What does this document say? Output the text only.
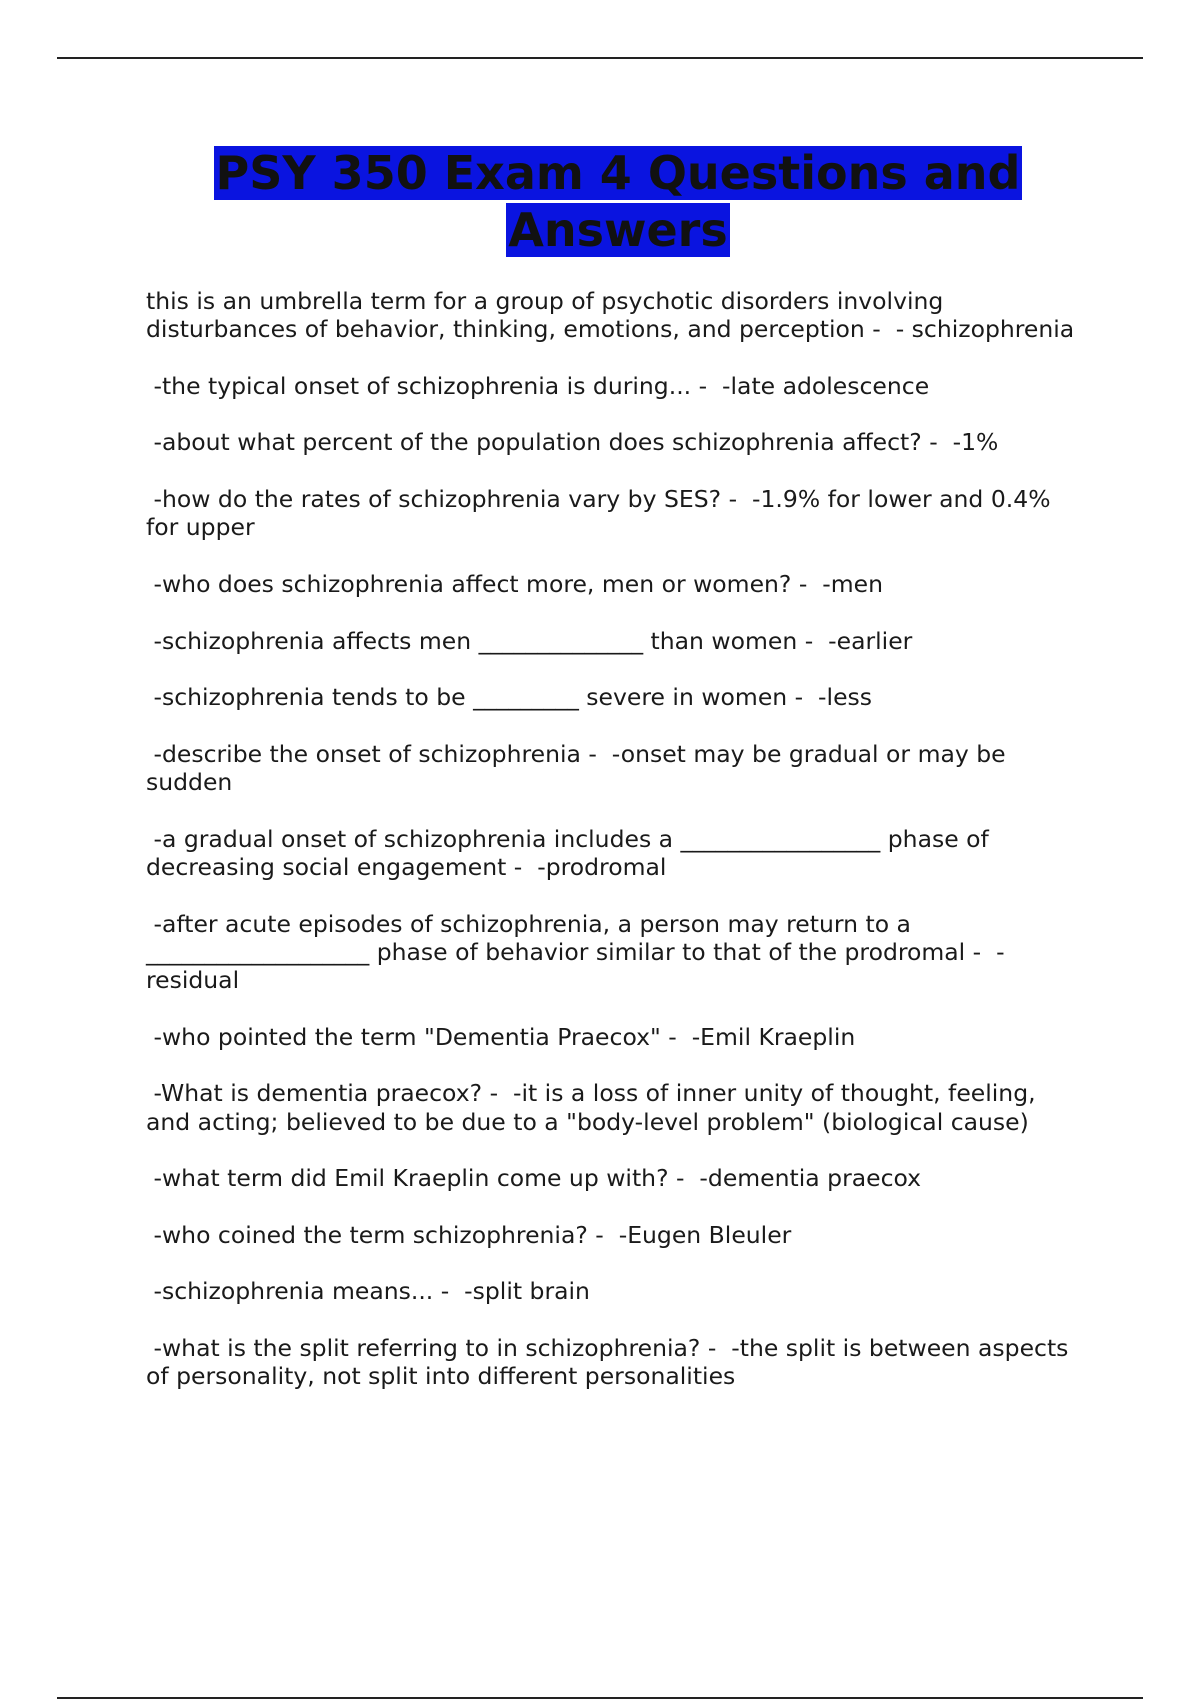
PSY 350 Exam 4 Questions and Answers
this is an umbrella term for a group of psychotic disorders involving disturbances of behavior, thinking, emotions, and perception -  - schizophrenia
-the typical onset of schizophrenia is during... -  -late adolescence
-about what percent of the population does schizophrenia affect? -  -1%
-how do the rates of schizophrenia vary by SES? -  -1.9% for lower and 0.4% for upper
-who does schizophrenia affect more, men or women? -  -men
-schizophrenia affects men ______________ than women -  -earlier
-schizophrenia tends to be _________ severe in women -  -less
-describe the onset of schizophrenia -  -onset may be gradual or may be sudden
-a gradual onset of schizophrenia includes a _________________ phase of decreasing social engagement -  -prodromal
-after acute episodes of schizophrenia, a person may return to a ___________________ phase of behavior similar to that of the prodromal -  - residual
-who pointed the term "Dementia Praecox" -  -Emil Kraeplin
-What is dementia praecox? -  -it is a loss of inner unity of thought, feeling, and acting; believed to be due to a "body-level problem" (biological cause)
-what term did Emil Kraeplin come up with? -  -dementia praecox
-who coined the term schizophrenia? -  -Eugen Bleuler
-schizophrenia means... -  -split brain
-what is the split referring to in schizophrenia? -  -the split is between aspects of personality, not split into different personalities
